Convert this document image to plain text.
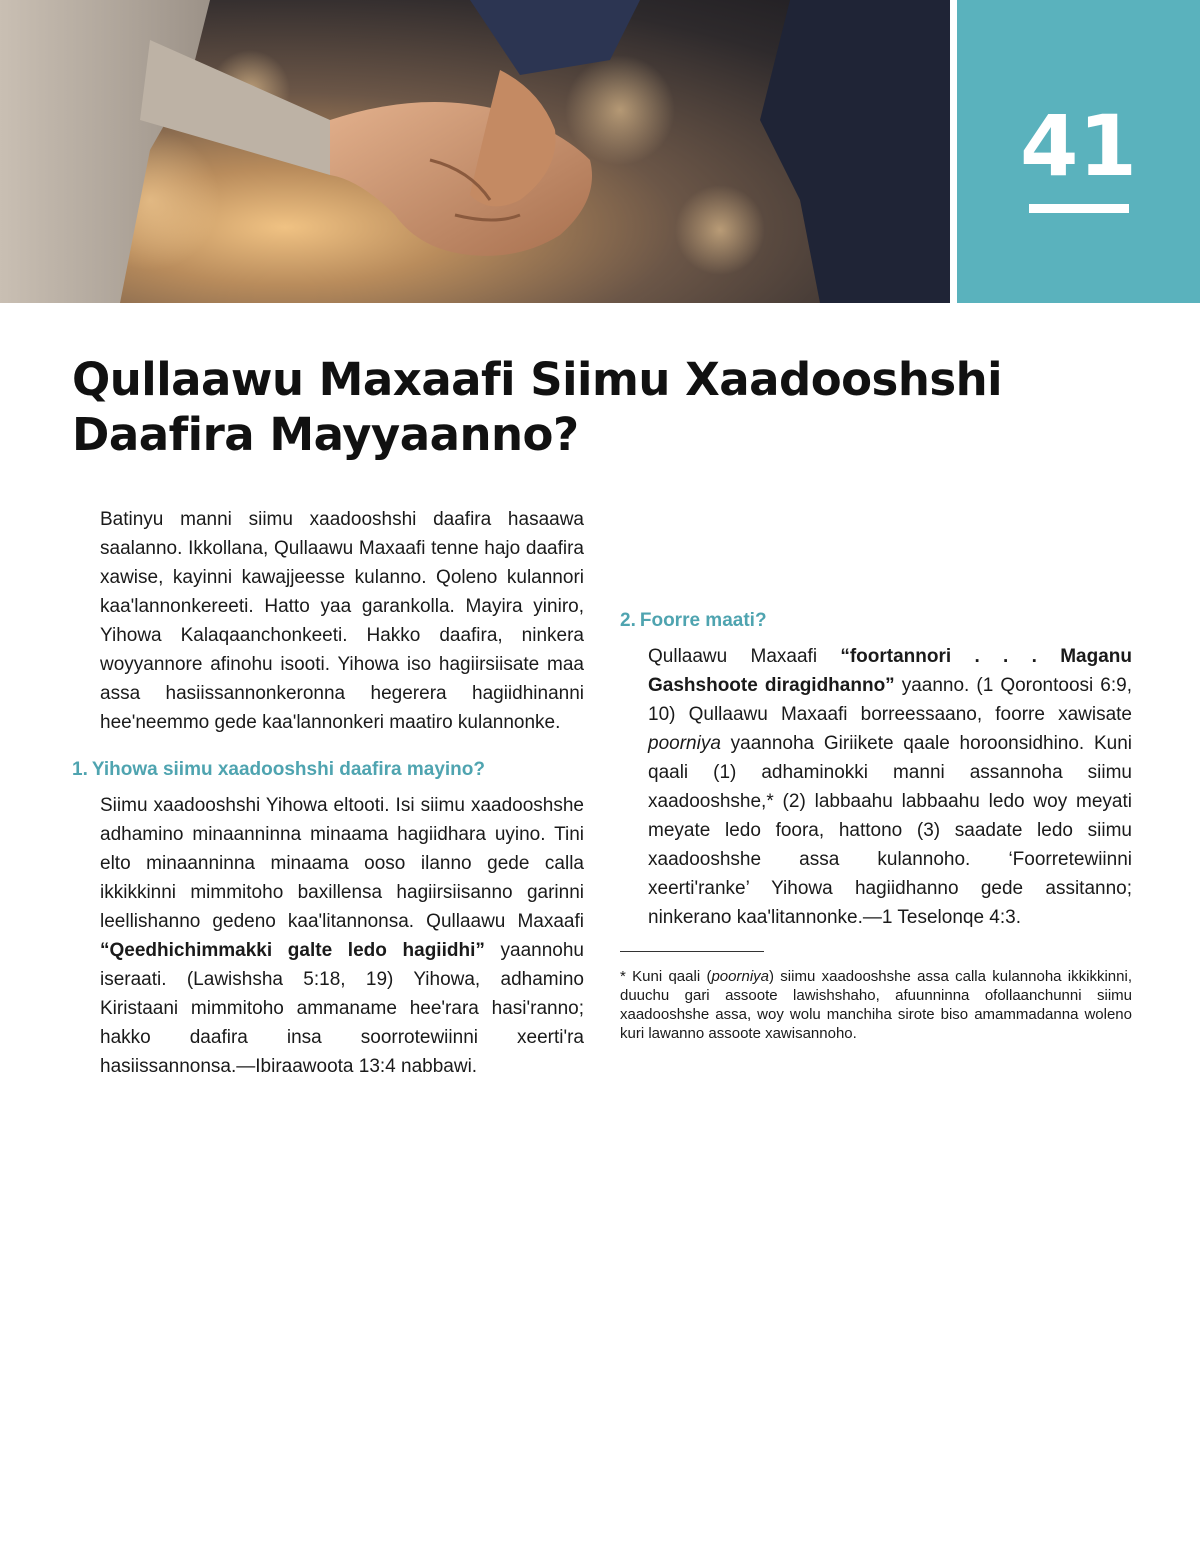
41
Qullaawu Maxaafi Siimu Xaadooshshi
Daafira Mayyaanno?

Batinyu manni siimu xaadooshshi daafira hasaawa saalanno. Ikkollana, Qullaawu Maxaafi tenne hajo daafira xawise, kayinni kawajjeesse kulanno. Qoleno kulannori kaa'lannonkereeti. Hatto yaa garankolla. Mayira yiniro, Yihowa Kalaqaanchonkeeti. Hakko daafira, ninkera woyyannore afinohu isooti. Yihowa iso hagiirsiisate maa assa hasiissannonkeronna hegerera hagiidhinanni hee'neemmo gede kaa'lannonkeri maatiro kulannonke.

1. Yihowa siimu xaadooshshi daafira mayino?

Siimu xaadooshshi Yihowa eltooti. Isi siimu xaadooshshe adhamino minaanninna minaama hagiidhara uyino. Tini elto minaanninna minaama ooso ilanno gede calla ikkikkinni mimmitoho baxillensa hagiirsiisanno garinni leellishanno gedeno kaa'litannonsa. Qullaawu Maxaafi “Qeedhichimmakki galte ledo hagiidhi” yaannohu iseraati. (Lawishsha 5:18, 19) Yihowa, adhamino Kiristaani mimmitoho ammaname hee'rara hasi'ranno; hakko daafira insa soorrotewiinni xeerti'ra hasiissannonsa.—Ibiraawoota 13:4 nabbawi.

2. Foorre maati?

Qullaawu Maxaafi “foortannori . . . Maganu Gashshoote diragidhanno” yaanno. (1 Qorontoosi 6:9, 10) Qullaawu Maxaafi borreessaano, foorre xawisate poorniya yaannoha Giriikete qaale horoonsidhino. Kuni qaali (1) adhaminokki manni assannoha siimu xaadooshshe,* (2) labbaahu labbaahu ledo woy meyati meyate ledo foora, hattono (3) saadate ledo siimu xaadooshshe assa kulannoho. ‘Foorretewiinni xeerti'ranke’ Yihowa hagiidhanno gede assitanno; ninkerano kaa'litannonke.—1 Teselonqe 4:3.

* Kuni qaali (poorniya) siimu xaadooshshe assa calla kulannoha ikkikkinni, duuchu gari assoote lawishshaho, afuunninna ofollaanchunni siimu xaadooshshe assa, woy wolu manchiha sirote biso amammadanna woleno kuri lawanno assoote xawisannoho.
